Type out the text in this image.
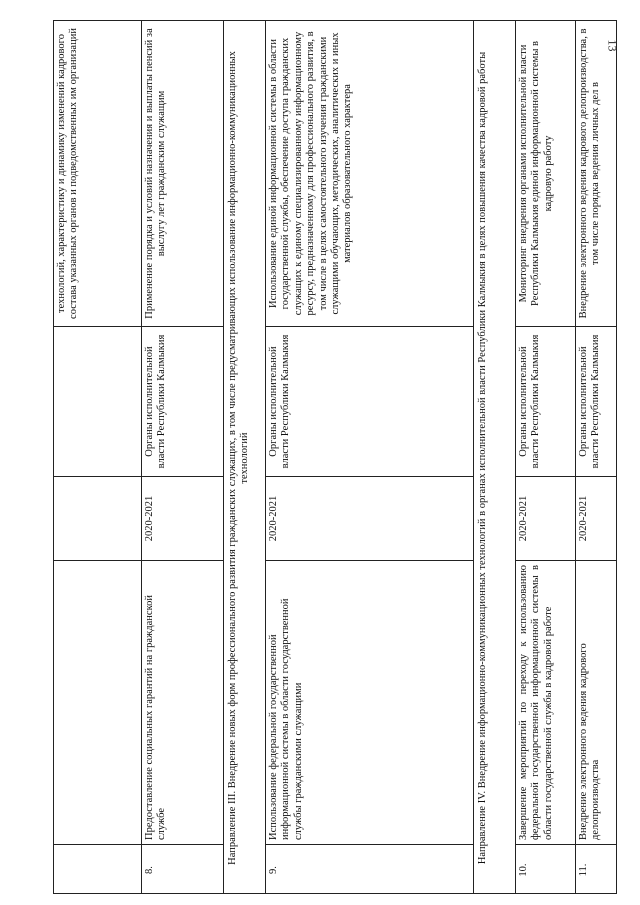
13
технологий, характеристику и динамику изменений кадрового состава указанных органов и подведомственных им организаций
8.
Предоставление социальных гарантий на гражданской службе
2020-2021
Органы исполнительной власти Республики Калмыкия
Применение порядка и условий назначения и выплаты пенсий за выслугу лет гражданским служащим	Направление III. Внедрение новых форм профессионального развития гражданских служащих, в том числе предусматривающих использование информационно-коммуникационных технологий
9.
Использование федеральной государственной информационной системы в области государственной службы гражданскими служащими
2020-2021
Органы исполнительной власти Республики Калмыкия
Использование единой информационной системы в области государственной службы, обеспечение доступа гражданских служащих к единому специализированному информационному ресурсу, предназначенному для профессионального развития, в том числе в целях самостоятельного изучения гражданскими служащими обучающих, методических, аналитических и иных материалов образовательного характера	Направление IV. Внедрение информационно-коммуникационных технологий в органах исполнительной власти Республики Калмыкия в целях повышения качества кадровой работы
10.
Завершение мероприятий по переходу к использованию федеральной государственной информационной системы в области государственной службы в кадровой работе
2020-2021
Органы исполнительной власти Республики Калмыкия
Мониторинг внедрения органами исполнительной власти Республики Калмыкия единой информационной системы в кадровую работу
11.
Внедрение электронного ведения кадрового делопроизводства
2020-2021
Органы исполнительной власти Республики Калмыкия
Внедрение электронного ведения кадрового делопроизводства, в том числе порядка ведения личных дел в
